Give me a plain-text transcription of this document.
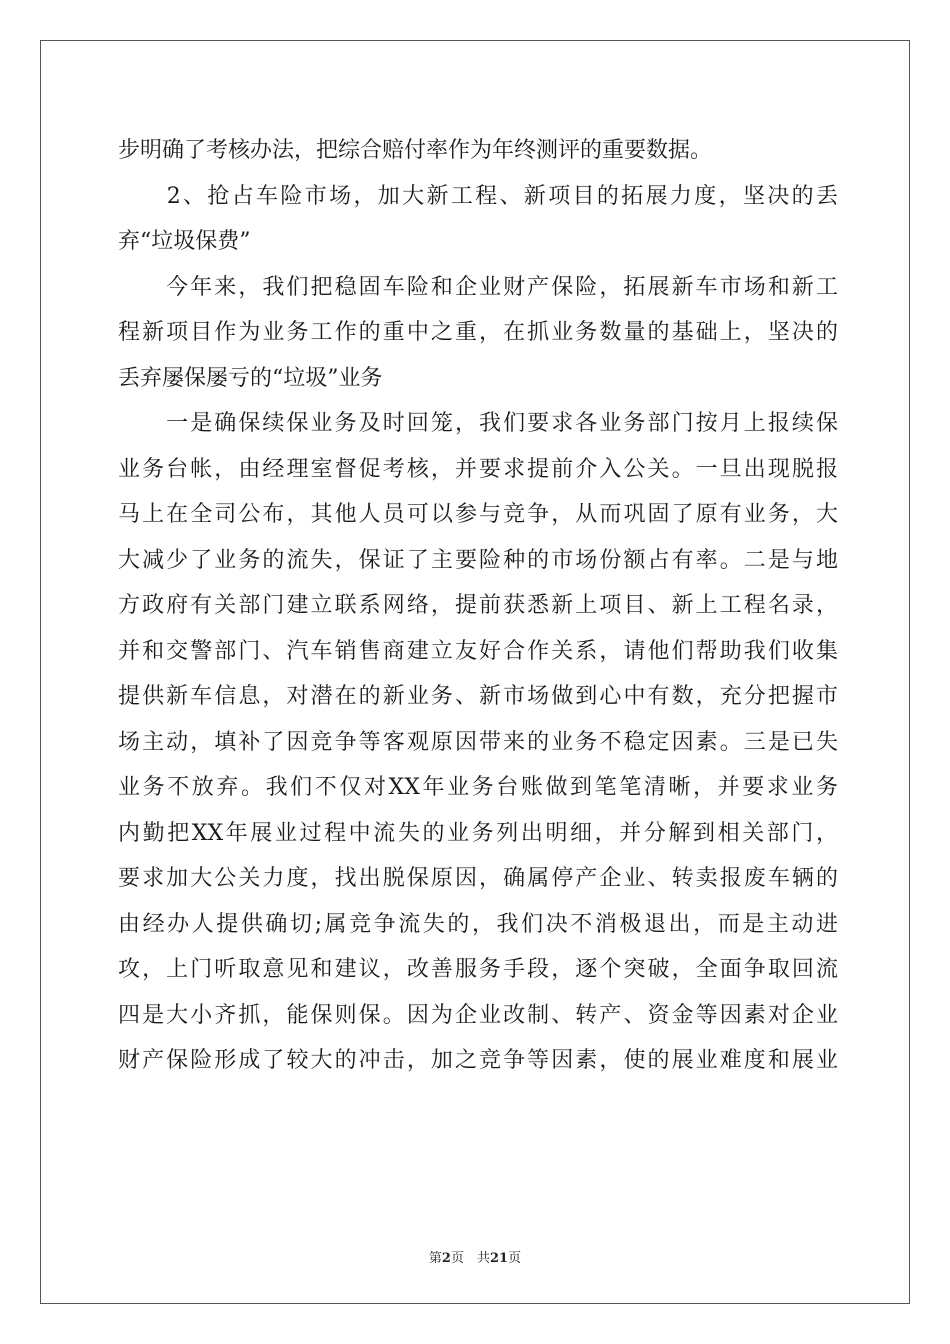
步明确了考核办法，把综合赔付率作为年终测评的重要数据。
　　2、抢占车险市场，加大新工程、新项目的拓展力度，坚决的丢
弃“垃圾保费”
　　今年来，我们把稳固车险和企业财产保险，拓展新车市场和新工
程新项目作为业务工作的重中之重，在抓业务数量的基础上，坚决的
丢弃屡保屡亏的“垃圾”业务
　　一是确保续保业务及时回笼，我们要求各业务部门按月上报续保
业务台帐，由经理室督促考核，并要求提前介入公关。一旦出现脱报
马上在全司公布，其他人员可以参与竞争，从而巩固了原有业务，大
大减少了业务的流失，保证了主要险种的市场份额占有率。二是与地
方政府有关部门建立联系网络，提前获悉新上项目、新上工程名录，
并和交警部门、汽车销售商建立友好合作关系，请他们帮助我们收集
提供新车信息，对潜在的新业务、新市场做到心中有数，充分把握市
场主动，填补了因竞争等客观原因带来的业务不稳定因素。三是已失
业务不放弃。我们不仅对XX年业务台账做到笔笔清晰，并要求业务
内勤把XX年展业过程中流失的业务列出明细，并分解到相关部门，
要求加大公关力度，找出脱保原因，确属停产企业、转卖报废车辆的
由经办人提供确切;属竞争流失的，我们决不消极退出，而是主动进
攻，上门听取意见和建议，改善服务手段，逐个突破，全面争取回流
四是大小齐抓，能保则保。因为企业改制、转产、资金等因素对企业
财产保险形成了较大的冲击，加之竞争等因素，使的展业难度和展业
第2页　共21页
